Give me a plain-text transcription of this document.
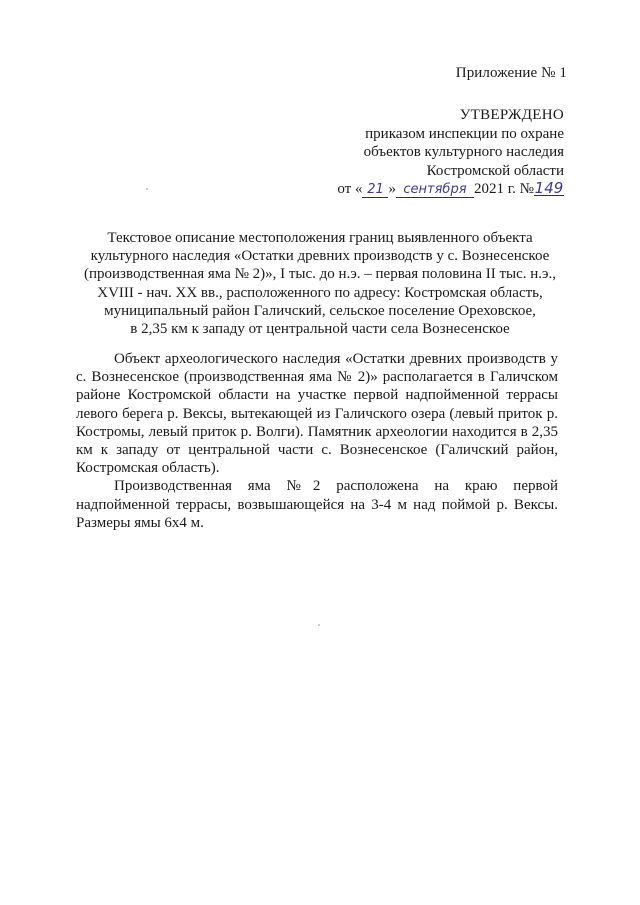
Приложение № 1
УТВЕРЖДЕНО
приказом инспекции по охране
объектов культурного наследия
Костромской области
от « 21 » сентября 2021 г. №149
Текстовое описание местоположения границ выявленного объекта
культурного наследия «Остатки древних производств у с. Вознесенское
(производственная яма № 2)», I тыс. до н.э. – первая половина II тыс. н.э.,
XVIII - нач. XX вв., расположенного по адресу: Костромская область,
муниципальный район Галичский, сельское поселение Ореховское,
в 2,35 км к западу от центральной части села Вознесенское

Объект археологического наследия «Остатки древних производств у с. Вознесенское (производственная яма № 2)» располагается в Галичском районе Костромской области на участке первой надпойменной террасы левого берега р. Вексы, вытекающей из Галичского озера (левый приток р. Костромы, левый приток р. Волги). Памятник археологии находится в 2,35 км к западу от центральной части с. Вознесенское (Галичский район, Костромская область).

Производственная яма №2 расположена на краю первой надпойменной террасы, возвышающейся на 3-4 м над поймой р. Вексы. Размеры ямы 6х4 м.
